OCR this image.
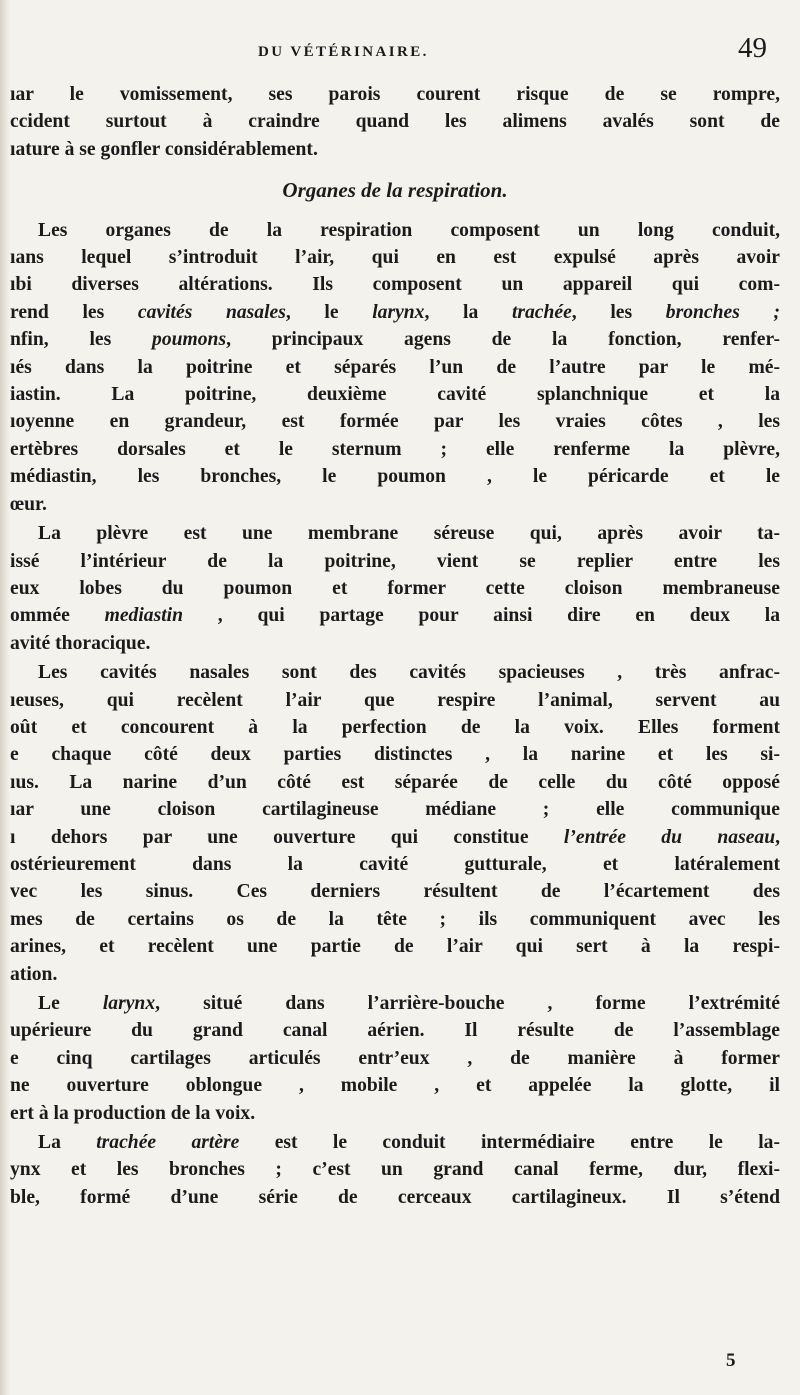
DU VÉTÉRINAIRE.	49
ıar le vomissement, ses parois courent risque de se rompre,
ccident surtout à craindre quand les alimens avalés sont de
ıature à se gonfler considérablement.
Organes de la respiration.
Les organes de la respiration composent un long conduit,
ıans lequel s’introduit l’air, qui en est expulsé après avoir
ıbi diverses altérations. Ils composent un appareil qui com-
rend les cavités nasales, le larynx, la trachée, les bronches ;
nfin, les poumons, principaux agens de la fonction, renfer-
ıés dans la poitrine et séparés l’un de l’autre par le mé-
iastin. La poitrine, deuxième cavité splanchnique et la
ıoyenne en grandeur, est formée par les vraies côtes , les
ertèbres dorsales et le sternum ; elle renferme la plèvre,
médiastin, les bronches, le poumon , le péricarde et le
œur.
La plèvre est une membrane séreuse qui, après avoir ta-
issé l’intérieur de la poitrine, vient se replier entre les
eux lobes du poumon et former cette cloison membraneuse
ommée mediastin , qui partage pour ainsi dire en deux la
avité thoracique.
Les cavités nasales sont des cavités spacieuses , très anfrac-
ıeuses, qui recèlent l’air que respire l’animal, servent au
oût et concourent à la perfection de la voix. Elles forment
e chaque côté deux parties distinctes , la narine et les si-
ıus. La narine d’un côté est séparée de celle du côté opposé
ıar une cloison cartilagineuse médiane ; elle communique
ı dehors par une ouverture qui constitue l’entrée du naseau,
ostérieurement dans la cavité gutturale, et latéralement
vec les sinus. Ces derniers résultent de l’écartement des
mes de certains os de la tête ; ils communiquent avec les
arines, et recèlent une partie de l’air qui sert à la respi-
ation.
Le larynx, situé dans l’arrière-bouche , forme l’extrémité
upérieure du grand canal aérien. Il résulte de l’assemblage
e cinq cartilages articulés entr’eux , de manière à former
ne ouverture oblongue , mobile , et appelée la glotte, il
ert à la production de la voix.
La trachée artère est le conduit intermédiaire entre le la-
ynx et les bronches ; c’est un grand canal ferme, dur, flexi-
ble, formé d’une série de cerceaux cartilagineux. Il s’étend
5
